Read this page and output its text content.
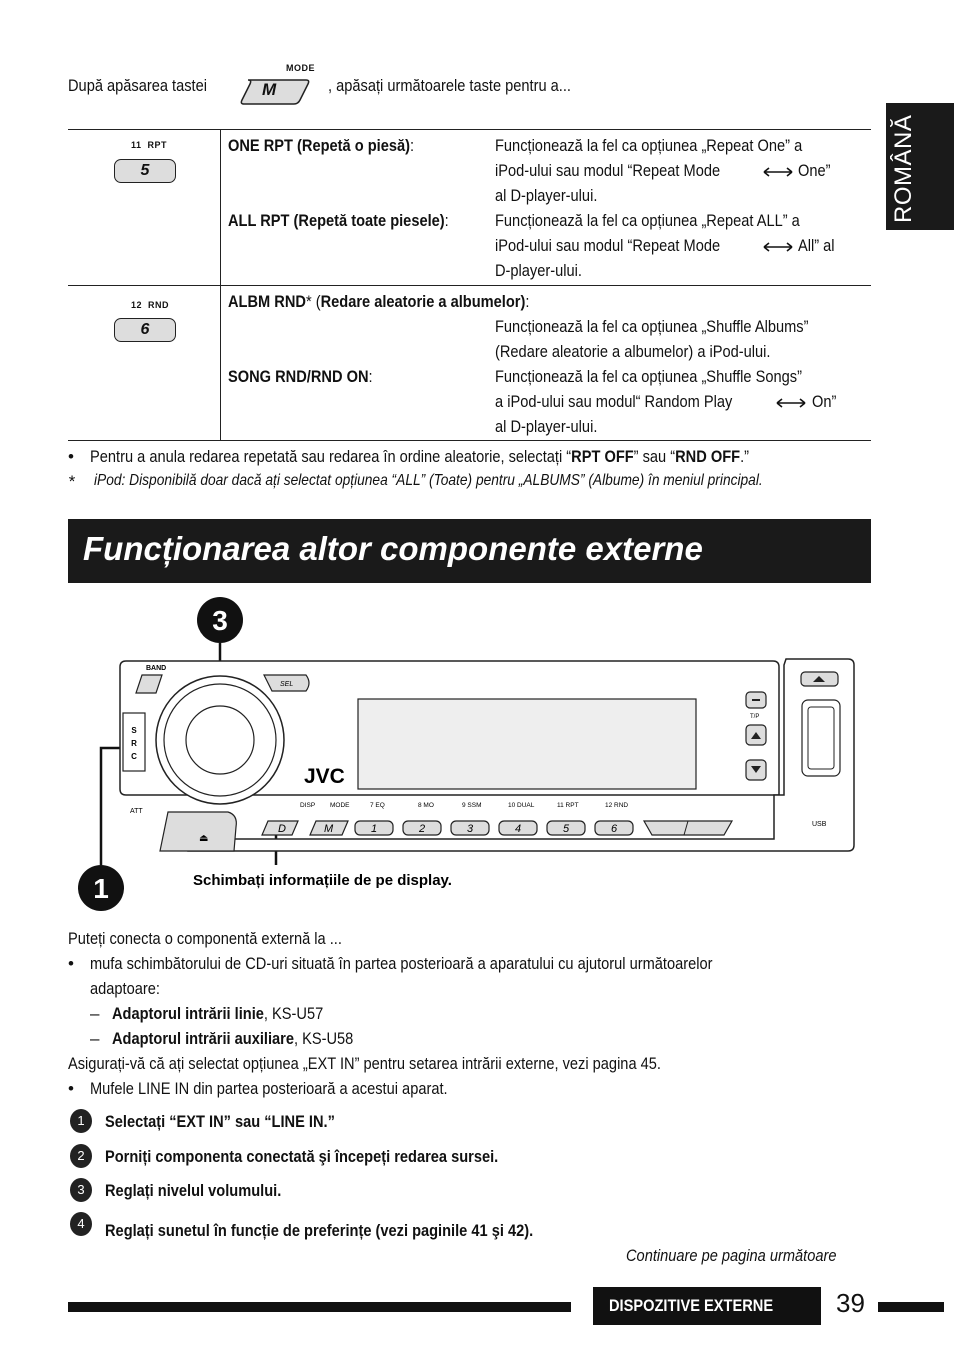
După apăsarea tastei
MODE
M	, apăsați următoarele taste pentru a...
ROMÂNĂ
11 RPT
5
ONE RPT (Repetă o piesă):	Funcționează la fel ca opțiunea „Repeat One” a
iPod-ului sau modul “Repeat Mode	One”
al D-player-ului.
ALL RPT (Repetă toate piesele):	Funcționează la fel ca opțiunea „Repeat ALL” a
iPod-ului sau modul “Repeat Mode	All” al
D-player-ului.
12 RND
6
ALBM RND* (Redare aleatorie a albumelor):
Funcționează la fel ca opțiunea „Shuffle Albums”
(Redare aleatorie a albumelor) a iPod-ului.
SONG RND/RND ON:	Funcționează la fel ca opțiunea „Shuffle Songs”
a iPod-ului sau modul“ Random Play	On”
al D-player-ului.
• Pentru a anula redarea repetată sau redarea în ordine aleatorie, selectați “RPT OFF” sau “RND OFF.”
* iPod: Disponibilă doar dacă ați selectat opțiunea “ALL” (Toate) pentru „ALBUMS” (Albume) în meniul principal.
Funcționarea altor componente externe
3
1	Schimbați informațiile de pe display.
BAND
SEL
S
R
C
ATT
⏏
JVC
DISP MODE	7 EQ	8 MO	9 SSM	10 DUAL	11 RPT	12 RND
D	M	1	2	3	4	5	6
T/P
USB
Puteți conecta o componentă externă la ...
• mufa schimbătorului de CD-uri situată în partea posterioară a aparatului cu ajutorul următoarelor
adaptoare:
– Adaptorul intrării linie, KS-U57
– Adaptorul intrării auxiliare, KS-U58
Asigurați-vă că ați selectat opțiunea „EXT IN” pentru setarea intrării externe, vezi pagina 45.
• Mufele LINE IN din partea posterioară a acestui aparat.
1	Selectați “EXT IN” sau “LINE IN.”
2	Porniți componenta conectată şi începeți redarea sursei.
3	Reglați nivelul volumului.
4	Reglați sunetul în funcție de preferințe (vezi paginile 41 şi 42).
Continuare pe pagina următoare
DISPOZITIVE EXTERNE 39
